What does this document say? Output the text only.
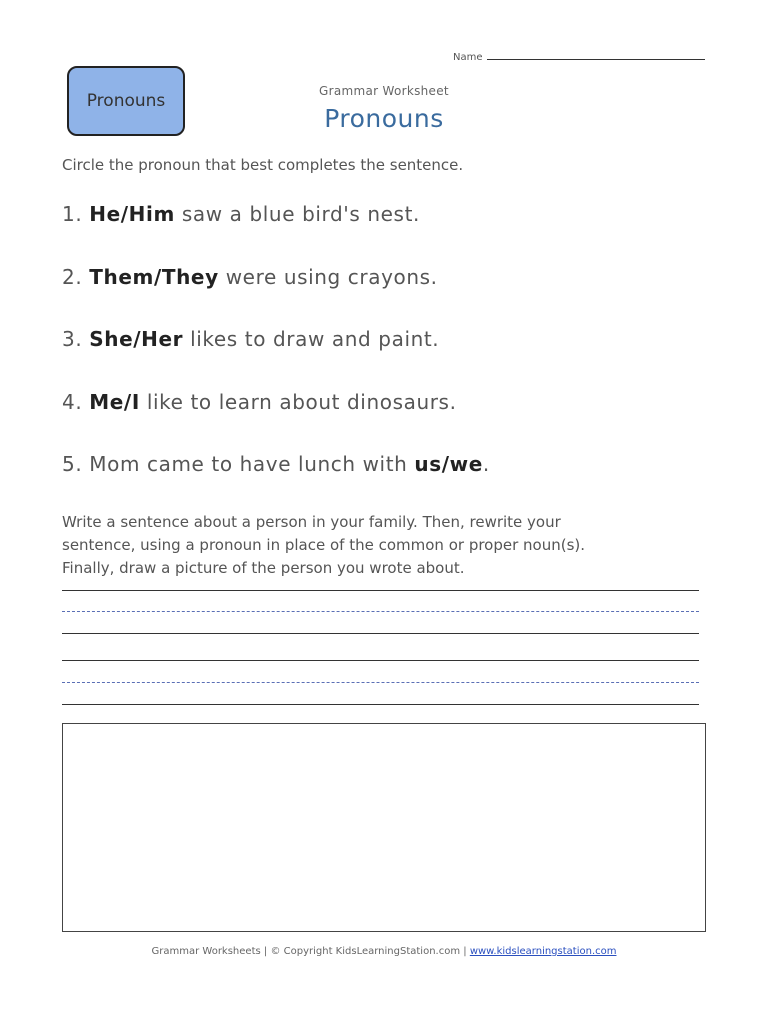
Name
Pronouns	Grammar Worksheet
Pronouns
Circle the pronoun that best completes the sentence.
1. He/Him saw a blue bird's nest.
2. Them/They were using crayons.
3. She/Her likes to draw and paint.
4. Me/I like to learn about dinosaurs.
5. Mom came to have lunch with us/we.
Write a sentence about a person in your family. Then, rewrite your
sentence, using a pronoun in place of the common or proper noun(s).
Finally, draw a picture of the person you wrote about.
Grammar Worksheets | © Copyright KidsLearningStation.com | www.kidslearningstation.com
